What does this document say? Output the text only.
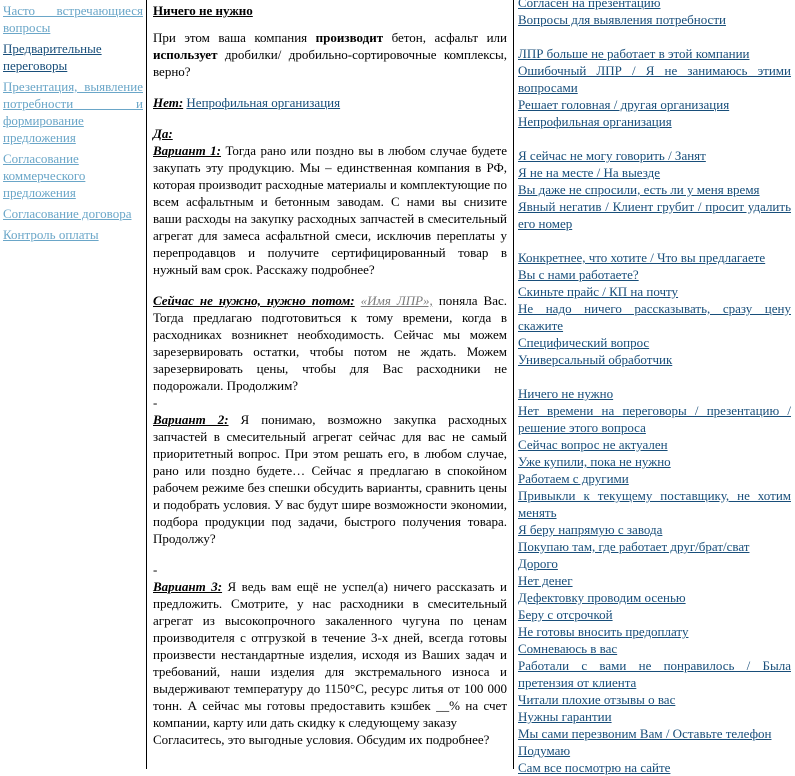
Часто встречающиеся вопросы
Предварительные переговоры
Презентация, выявление потребности и формирование предложения
Согласование коммерческого предложения
Согласование договора
Контроль оплаты

Ничего не нужно

При этом ваша компания производит бетон, асфальт или использует дробилки/ дробильно-сортировочные комплексы, верно?

Нет: Непрофильная организация

Да:

Вариант 1: Тогда рано или поздно вы в любом случае будете закупать эту продукцию. Мы – единственная компания в РФ, которая производит расходные материалы и комплектующие по всем асфальтным и бетонным заводам. С нами вы снизите ваши расходы на закупку расходных запчастей в смесительный агрегат для замеса асфальтной смеси, исключив переплаты у перепродавцов и получите сертифицированный товар в нужный вам срок. Расскажу подробнее?

Сейчас не нужно, нужно потом: «Имя ЛПР», поняла Вас. Тогда предлагаю подготовиться к тому времени, когда в расходниках возникнет необходимость. Сейчас мы можем зарезервировать остатки, чтобы потом не ждать. Можем зарезервировать цены, чтобы для Вас расходники не подорожали. Продолжим?

-

Вариант 2: Я понимаю, возможно закупка расходных запчастей в смесительный агрегат сейчас для вас не самый приоритетный вопрос. При этом решать его, в любом случае, рано или поздно будете… Сейчас я предлагаю в спокойном рабочем режиме без спешки обсудить варианты, сравнить цены и подобрать условия. У вас будут шире возможности экономии, подбора продукции под задачи, быстрого получения товара. Продолжу?

-

Вариант 3: Я ведь вам ещё не успел(а) ничего рассказать и предложить. Смотрите, у нас расходники в смесительный агрегат из высокопрочного закаленного чугуна по ценам производителя с отгрузкой в течение 3-х дней, всегда готовы произвести нестандартные изделия, исходя из Ваших задач и требований, наши изделия для экстремального износа и выдерживают температуру до 1150°С, ресурс литья от 100 000 тонн. А сейчас мы готовы предоставить кэшбек __% на счет компании, карту или дать скидку к следующему заказу

Согласитесь, это выгодные условия. Обсудим их подробнее?

Согласен на презентацию
Вопросы для выявления потребности
ЛПР больше не работает в этой компании
Ошибочный ЛПР / Я не занимаюсь этими вопросами
Решает головная / другая организация
Непрофильная организация
Я сейчас не могу говорить / Занят
Я не на месте / На выезде
Вы даже не спросили, есть ли у меня время
Явный негатив / Клиент грубит / просит удалить его номер
Конкретнее, что хотите / Что вы предлагаете
Вы с нами работаете?
Скиньте прайс / КП на почту
Не надо ничего рассказывать, сразу цену скажите
Специфический вопрос
Универсальный обработчик
Ничего не нужно
Нет времени на переговоры / презентацию / решение этого вопроса
Сейчас вопрос не актуален
Уже купили, пока не нужно
Работаем с другими
Привыкли к текущему поставщику, не хотим менять
Я беру напрямую с завода
Покупаю там, где работает друг/брат/сват
Дорого
Нет денег
Дефектовку проводим осенью
Беру с отсрочкой
Не готовы вносить предоплату
Сомневаюсь в вас
Работали с вами не понравилось / Была претензия от клиента
Читали плохие отзывы о вас
Нужны гарантии
Мы сами перезвоним Вам / Оставьте телефон
Подумаю
Сам все посмотрю на сайте
